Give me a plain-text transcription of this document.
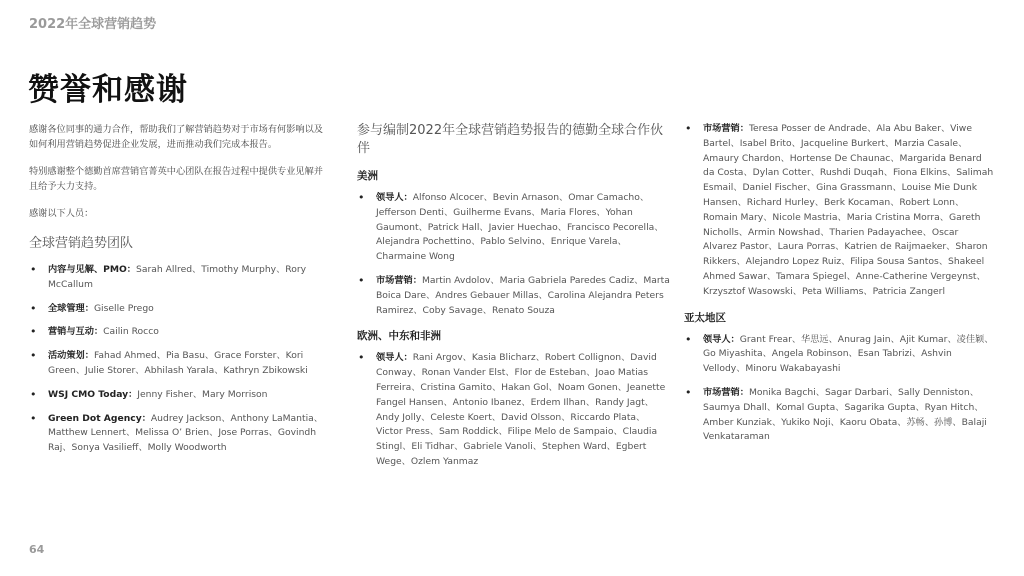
2022年全球营销趋势
赞誉和感谢

感谢各位同事的通力合作，帮助我们了解营销趋势对于市场有何影响以及如何利用营销趋势促进企业发展，进而推动我们完成本报告。

特别感谢整个德勤首席营销官菁英中心团队在报告过程中提供专业见解并且给予大力支持。

感谢以下人员：

全球营销趋势团队
• 内容与见解、PMO：Sarah Allred、Timothy Murphy、Rory McCallum
• 全球管理：Giselle Prego
• 营销与互动：Cailin Rocco
• 活动策划：Fahad Ahmed、Pia Basu、Grace Forster、Kori Green、Julie Storer、Abhilash Yarala、Kathryn Zbikowski
• WSJ CMO Today：Jenny Fisher、Mary Morrison
• Green Dot Agency：Audrey Jackson、Anthony LaMantia、Matthew Lennert、Melissa O’ Brien、Jose Porras、Govindh Raj、Sonya Vasilieff、Molly Woodworth
参与编制2022年全球营销趋势报告的德勤全球合作伙伴
美洲
• 领导人：Alfonso Alcocer、Bevin Arnason、Omar Camacho、Jefferson Denti、Guilherme Evans、Maria Flores、Yohan Gaumont、Patrick Hall、Javier Huechao、Francisco Pecorella、Alejandra Pochettino、Pablo Selvino、Enrique Varela、Charmaine Wong
• 市场营销：Martin Avdolov、Maria Gabriela Paredes Cadiz、Marta Boica Dare、Andres Gebauer Millas、Carolina Alejandra Peters Ramirez、Coby Savage、Renato Souza
欧洲、中东和非洲
• 领导人：Rani Argov、Kasia Blicharz、Robert Collignon、David Conway、Ronan Vander Elst、Flor de Esteban、Joao Matias Ferreira、Cristina Gamito、Hakan Gol、Noam Gonen、Jeanette Fangel Hansen、Antonio Ibanez、Erdem Ilhan、Randy Jagt、Andy Jolly、Celeste Koert、David Olsson、Riccardo Plata、Victor Press、Sam Roddick、Filipe Melo de Sampaio、Claudia Stingl、Eli Tidhar、Gabriele Vanoli、Stephen Ward、Egbert Wege、Ozlem Yanmaz
• 市场营销：Teresa Posser de Andrade、Ala Abu Baker、Viwe Bartel、Isabel Brito、Jacqueline Burkert、Marzia Casale、Amaury Chardon、Hortense De Chaunac、Margarida Benard da Costa、Dylan Cotter、Rushdi Duqah、Fiona Elkins、Salimah Esmail、Daniel Fischer、Gina Grassmann、Louise Mie Dunk Hansen、Richard Hurley、Berk Kocaman、Robert Lonn、Romain Mary、Nicole Mastria、Maria Cristina Morra、Gareth Nicholls、Armin Nowshad、Tharien Padayachee、Oscar Alvarez Pastor、Laura Porras、Katrien de Raijmaeker、Sharon Rikkers、Alejandro Lopez Ruiz、Filipa Sousa Santos、Shakeel Ahmed Sawar、Tamara Spiegel、Anne-Catherine Vergeynst、Krzysztof Wasowski、Peta Williams、Patricia Zangerl
亚太地区
• 领导人：Grant Frear、华思远、Anurag Jain、Ajit Kumar、凌佳颖、Go Miyashita、Angela Robinson、Esan Tabrizi、Ashvin Vellody、Minoru Wakabayashi
• 市场营销：Monika Bagchi、Sagar Darbari、Sally Denniston、Saumya Dhall、Komal Gupta、Sagarika Gupta、Ryan Hitch、Amber Kunziak、Yukiko Noji、Kaoru Obata、苏畅、孙博、Balaji Venkataraman
64
